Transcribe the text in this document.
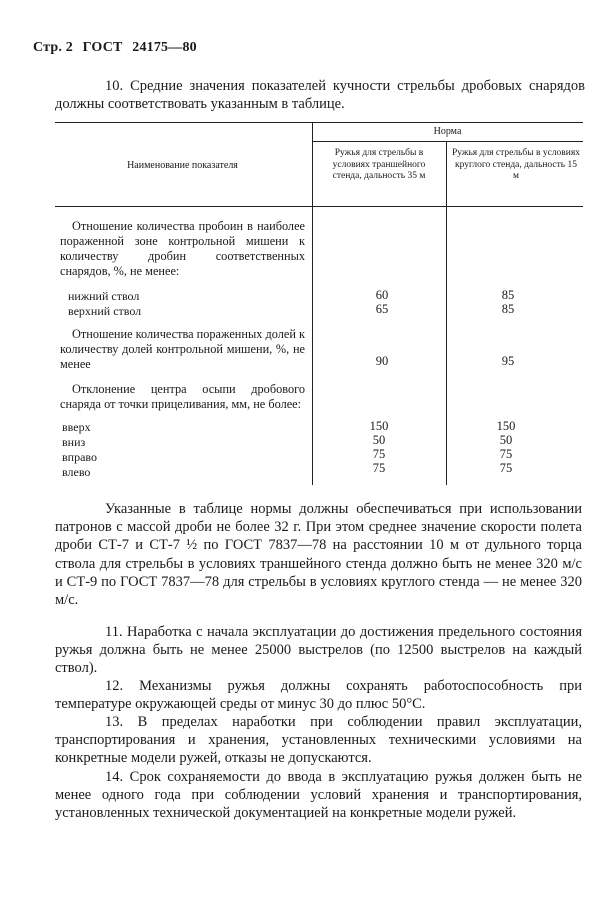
Стр. 2 ГОСТ 24175—80
10. Средние значения показателей кучности стрельбы дробовых снарядов должны соответствовать указанным в таблице.
Наименование показателя
Норма
Ружья для стрельбы в условиях траншейного стенда, дальность 35 м
Ружья для стрельбы в условиях круглого стенда, дальность 15 м
Отношение количества пробоин в наиболее пораженной зоне контрольной мишени к количеству дробин соответственных снарядов, %, не менее:
нижний ствол	60	85
верхний ствол	65	85
Отношение количества пораженных долей к количеству долей контрольной мишени, %, не менее	90	95
Отклонение центра осыпи дробового снаряда от точки прицеливания, мм, не более:
вверх	150	150
вниз	50	50
вправо	75	75
влево	75	75
Указанные в таблице нормы должны обеспечиваться при использовании патронов с массой дроби не более 32 г. При этом среднее значение скорости полета дроби СТ-7 и СТ-7 ½ по ГОСТ 7837—78 на расстоянии 10 м от дульного торца ствола для стрельбы в условиях траншейного стенда должно быть не менее 320 м/с и СТ-9 по ГОСТ 7837—78 для стрельбы в условиях круглого стенда — не менее 320 м/с.
11. Наработка с начала эксплуатации до достижения предельного состояния ружья должна быть не менее 25000 выстрелов (по 12500 выстрелов на каждый ствол).
12. Механизмы ружья должны сохранять работоспособность при температуре окружающей среды от минус 30 до плюс 50°С.
13. В пределах наработки при соблюдении правил эксплуатации, транспортирования и хранения, установленных техническими условиями на конкретные модели ружей, отказы не допускаются.
14. Срок сохраняемости до ввода в эксплуатацию ружья должен быть не менее одного года при соблюдении условий хранения и транспортирования, установленных технической документацией на конкретные модели ружей.
